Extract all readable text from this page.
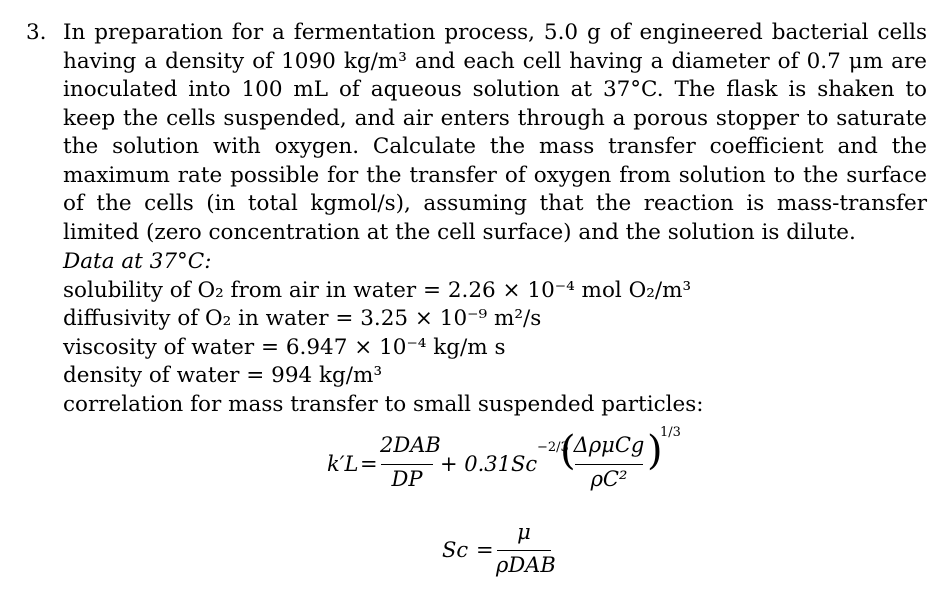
3. In preparation for a fermentation process, 5.0 g of engineered bacterial cells having a density of 1090 kg/m³ and each cell having a diameter of 0.7 μm are inoculated into 100 mL of aqueous solution at 37°C. The flask is shaken to keep the cells suspended, and air enters through a porous stopper to saturate the solution with oxygen. Calculate the mass transfer coefficient and the maximum rate possible for the transfer of oxygen from solution to the surface of the cells (in total kgmol/s), assuming that the reaction is mass-transfer limited (zero concentration at the cell surface) and the solution is dilute.
Data at 37°C:
solubility of O₂ from air in water = 2.26 × 10⁻⁴ mol O₂/m³
diffusivity of O₂ in water = 3.25 × 10⁻⁹ m²/s
viscosity of water = 6.947 × 10⁻⁴ kg/m s
density of water = 994 kg/m³
correlation for mass transfer to small suspended particles:
k′L =
2DAB
DP
+ 0.31Sc
−2/3
(
ΔρμCg
ρC²
)
1/3
Sc =
μ
ρDAB
